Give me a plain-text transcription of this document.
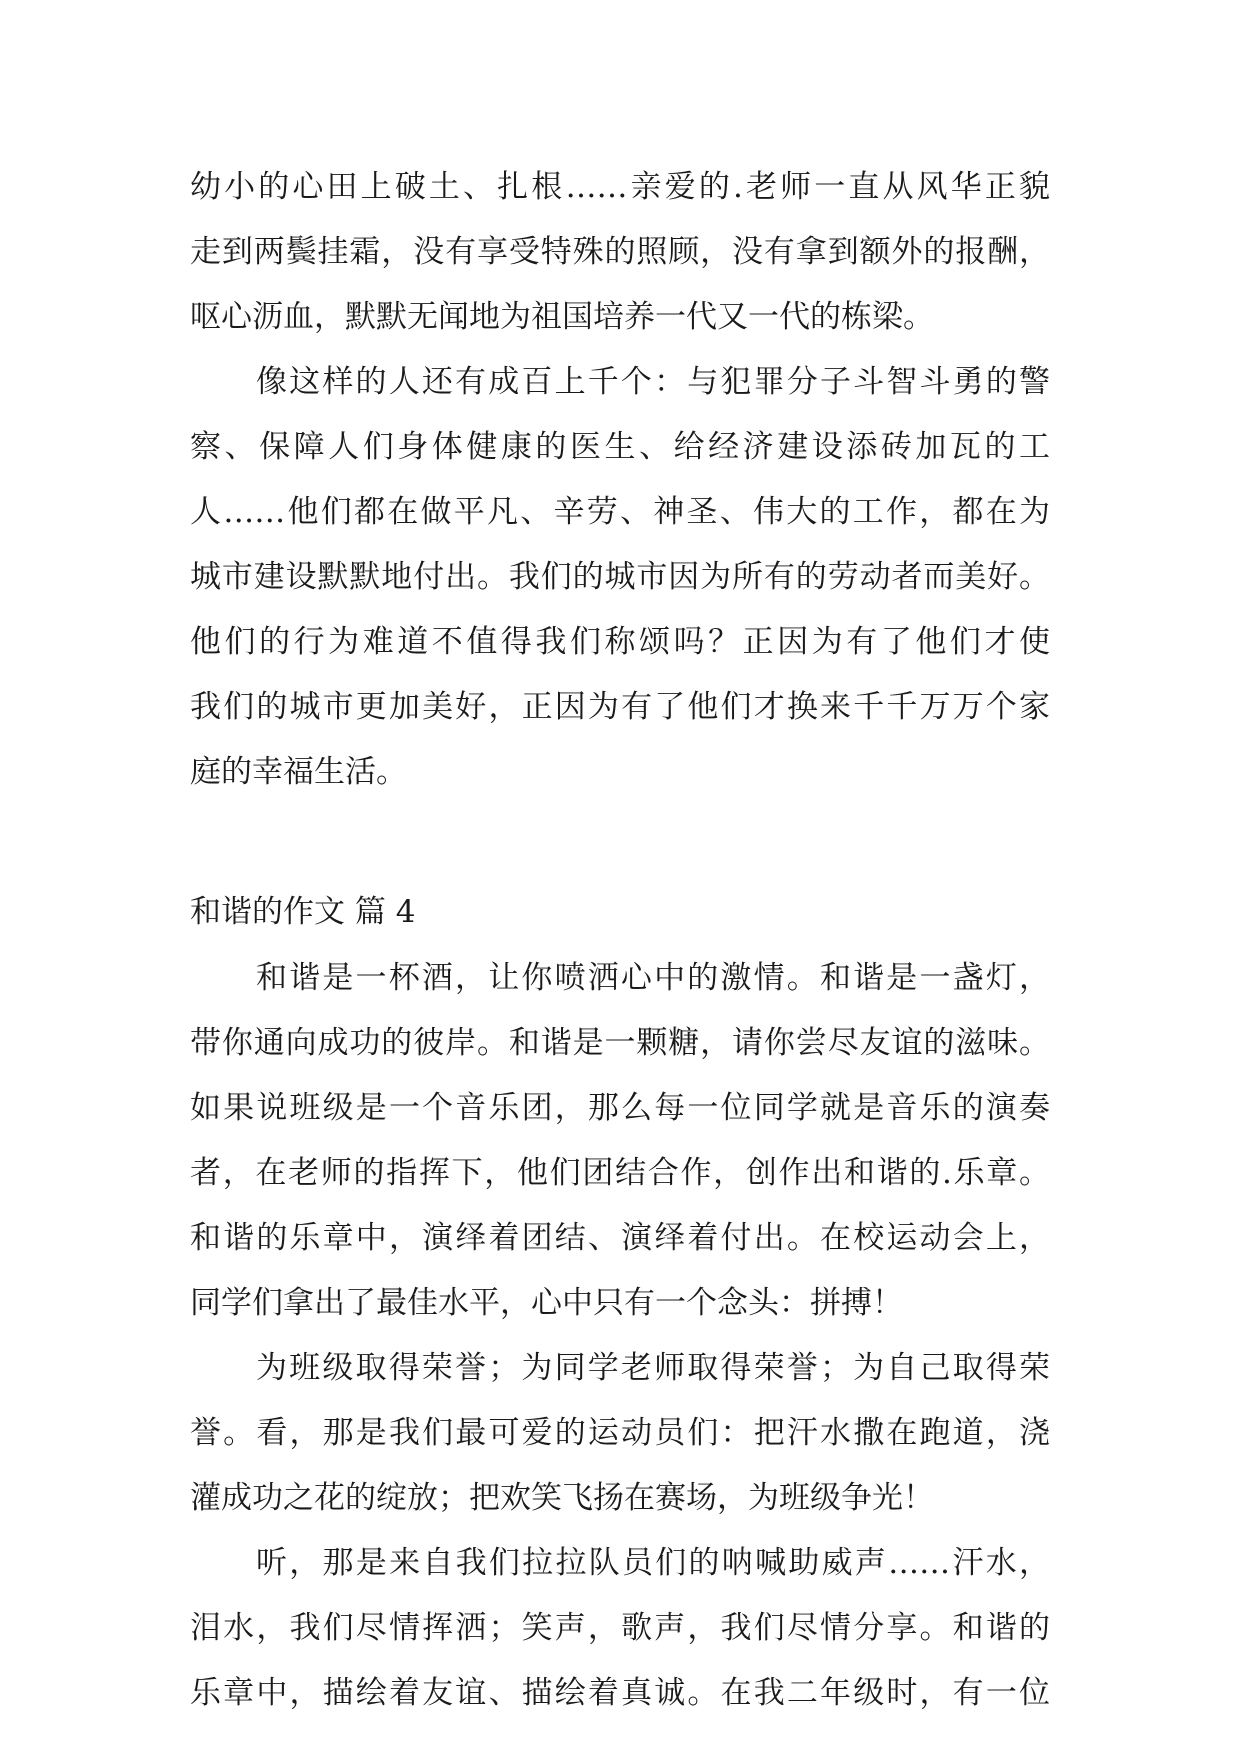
幼小的心田上破土、扎根……亲爱的.老师一直从风华正貌
走到两鬓挂霜，没有享受特殊的照顾，没有拿到额外的报酬，
呕心沥血，默默无闻地为祖国培养一代又一代的栋梁。
像这样的人还有成百上千个：与犯罪分子斗智斗勇的警
察、保障人们身体健康的医生、给经济建设添砖加瓦的工
人……他们都在做平凡、辛劳、神圣、伟大的工作，都在为
城市建设默默地付出。我们的城市因为所有的劳动者而美好。
他们的行为难道不值得我们称颂吗？正因为有了他们才使
我们的城市更加美好，正因为有了他们才换来千千万万个家
庭的幸福生活。
和谐的作文 篇 4
和谐是一杯酒，让你喷洒心中的激情。和谐是一盏灯，
带你通向成功的彼岸。和谐是一颗糖，请你尝尽友谊的滋味。
如果说班级是一个音乐团，那么每一位同学就是音乐的演奏
者，在老师的指挥下，他们团结合作，创作出和谐的.乐章。
和谐的乐章中，演绎着团结、演绎着付出。在校运动会上，
同学们拿出了最佳水平，心中只有一个念头：拼搏！
为班级取得荣誉；为同学老师取得荣誉；为自己取得荣
誉。看，那是我们最可爱的运动员们：把汗水撒在跑道，浇
灌成功之花的绽放；把欢笑飞扬在赛场，为班级争光！
听，那是来自我们拉拉队员们的呐喊助威声……汗水，
泪水，我们尽情挥洒；笑声，歌声，我们尽情分享。和谐的
乐章中，描绘着友谊、描绘着真诚。在我二年级时，有一位
